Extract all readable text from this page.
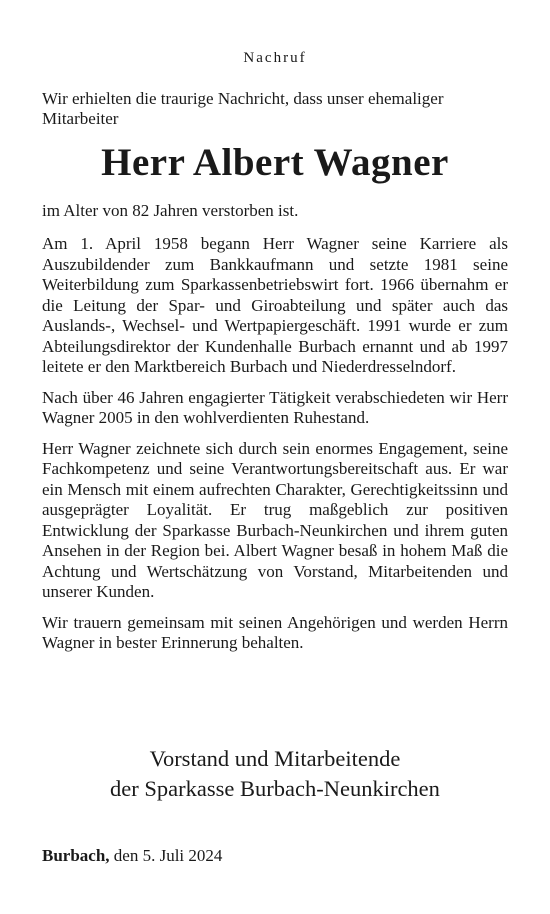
Nachruf
Wir erhielten die traurige Nachricht, dass unser ehemaliger Mitarbeiter
Herr Albert Wagner
im Alter von 82 Jahren verstorben ist.

Am 1. April 1958 begann Herr Wagner seine Karriere als Auszubildender zum Bankkaufmann und setzte 1981 seine Weiterbildung zum Sparkassenbetriebswirt fort. 1966 übernahm er die Leitung der Spar- und Giroabteilung und später auch das Auslands-, Wechsel- und Wertpapiergeschäft. 1991 wurde er zum Abteilungsdirektor der Kundenhalle Burbach ernannt und ab 1997 leitete er den Marktbereich Burbach und Niederdresselndorf.

Nach über 46 Jahren engagierter Tätigkeit verabschiedeten wir Herr Wagner 2005 in den wohlverdienten Ruhestand.

Herr Wagner zeichnete sich durch sein enormes Engagement, seine Fachkompetenz und seine Verantwortungsbereitschaft aus. Er war ein Mensch mit einem aufrechten Charakter, Gerechtigkeitssinn und ausgeprägter Loyalität. Er trug maßgeblich zur positiven Entwicklung der Sparkasse Burbach-Neunkirchen und ihrem guten Ansehen in der Region bei. Albert Wagner besaß in hohem Maß die Achtung und Wertschätzung von Vorstand, Mitarbeitenden und unserer Kunden.

Wir trauern gemeinsam mit seinen Angehörigen und werden Herrn Wagner in bester Erinnerung behalten.

Vorstand und Mitarbeitende
der Sparkasse Burbach-Neunkirchen
Burbach, den 5. Juli 2024
